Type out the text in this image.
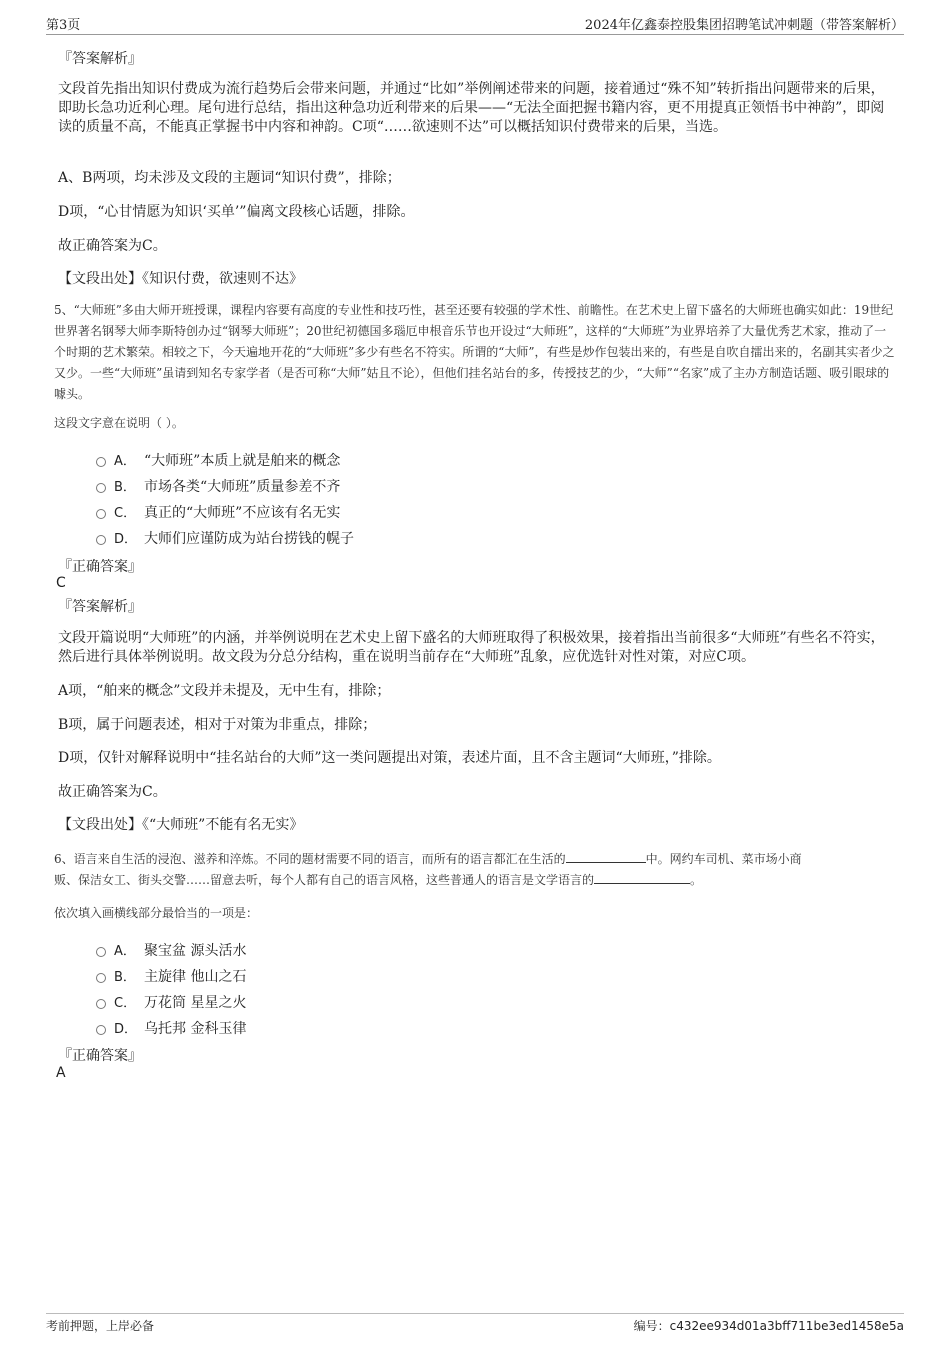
第3页	2024年亿鑫泰控股集团招聘笔试冲刺题（带答案解析）
『答案解析』
文段首先指出知识付费成为流行趋势后会带来问题，并通过“比如”举例阐述带来的问题，接着通过“殊不知”转折指出问题带来的后果，即助长急功近利心理。尾句进行总结，指出这种急功近利带来的后果——“无法全面把握书籍内容，更不用提真正领悟书中神韵”，即阅读的质量不高，不能真正掌握书中内容和神韵。C项“……欲速则不达”可以概括知识付费带来的后果，当选。
A、B两项，均未涉及文段的主题词“知识付费”，排除；
D项，“心甘情愿为知识‘买单’”偏离文段核心话题，排除。
故正确答案为C。
【文段出处】《知识付费，欲速则不达》
5、“大师班”多由大师开班授课，课程内容要有高度的专业性和技巧性，甚至还要有较强的学术性、前瞻性。在艺术史上留下盛名的大师班也确实如此：19世纪世界著名钢琴大师李斯特创办过“钢琴大师班”；20世纪初德国多瑙厄申根音乐节也开设过“大师班”，这样的“大师班”为业界培养了大量优秀艺术家，推动了一个时期的艺术繁荣。相较之下，今天遍地开花的“大师班”多少有些名不符实。所谓的“大师”，有些是炒作包装出来的，有些是自吹自擂出来的，名副其实者少之又少。一些“大师班”虽请到知名专家学者（是否可称“大师”姑且不论），但他们挂名站台的多，传授技艺的少，“大师”“名家”成了主办方制造话题、吸引眼球的噱头。
这段文字意在说明（ ）。
A． “大师班”本质上就是舶来的概念
B． 市场各类“大师班”质量参差不齐
C． 真正的“大师班”不应该有名无实
D． 大师们应谨防成为站台捞钱的幌子
『正确答案』
C
『答案解析』
文段开篇说明“大师班”的内涵，并举例说明在艺术史上留下盛名的大师班取得了积极效果，接着指出当前很多“大师班”有些名不符实，然后进行具体举例说明。故文段为分总分结构，重在说明当前存在“大师班”乱象，应优选针对性对策，对应C项。
A项，“舶来的概念”文段并未提及，无中生有，排除；
B项，属于问题表述，相对于对策为非重点，排除；
D项，仅针对解释说明中“挂名站台的大师”这一类问题提出对策，表述片面，且不含主题词“大师班，”排除。
故正确答案为C。
【文段出处】《“大师班”不能有名无实》
6、语言来自生活的浸泡、滋养和淬炼。不同的题材需要不同的语言，而所有的语言都汇在生活的	中。网约车司机、菜市场小商
贩、保洁女工、街头交警……留意去听，每个人都有自己的语言风格，这些普通人的语言是文学语言的	。
依次填入画横线部分最恰当的一项是：
A． 聚宝盆 源头活水
B． 主旋律 他山之石
C． 万花筒 星星之火
D． 乌托邦 金科玉律
『正确答案』
A
考前押题，上岸必备	编号：c432ee934d01a3bff711be3ed1458e5a
